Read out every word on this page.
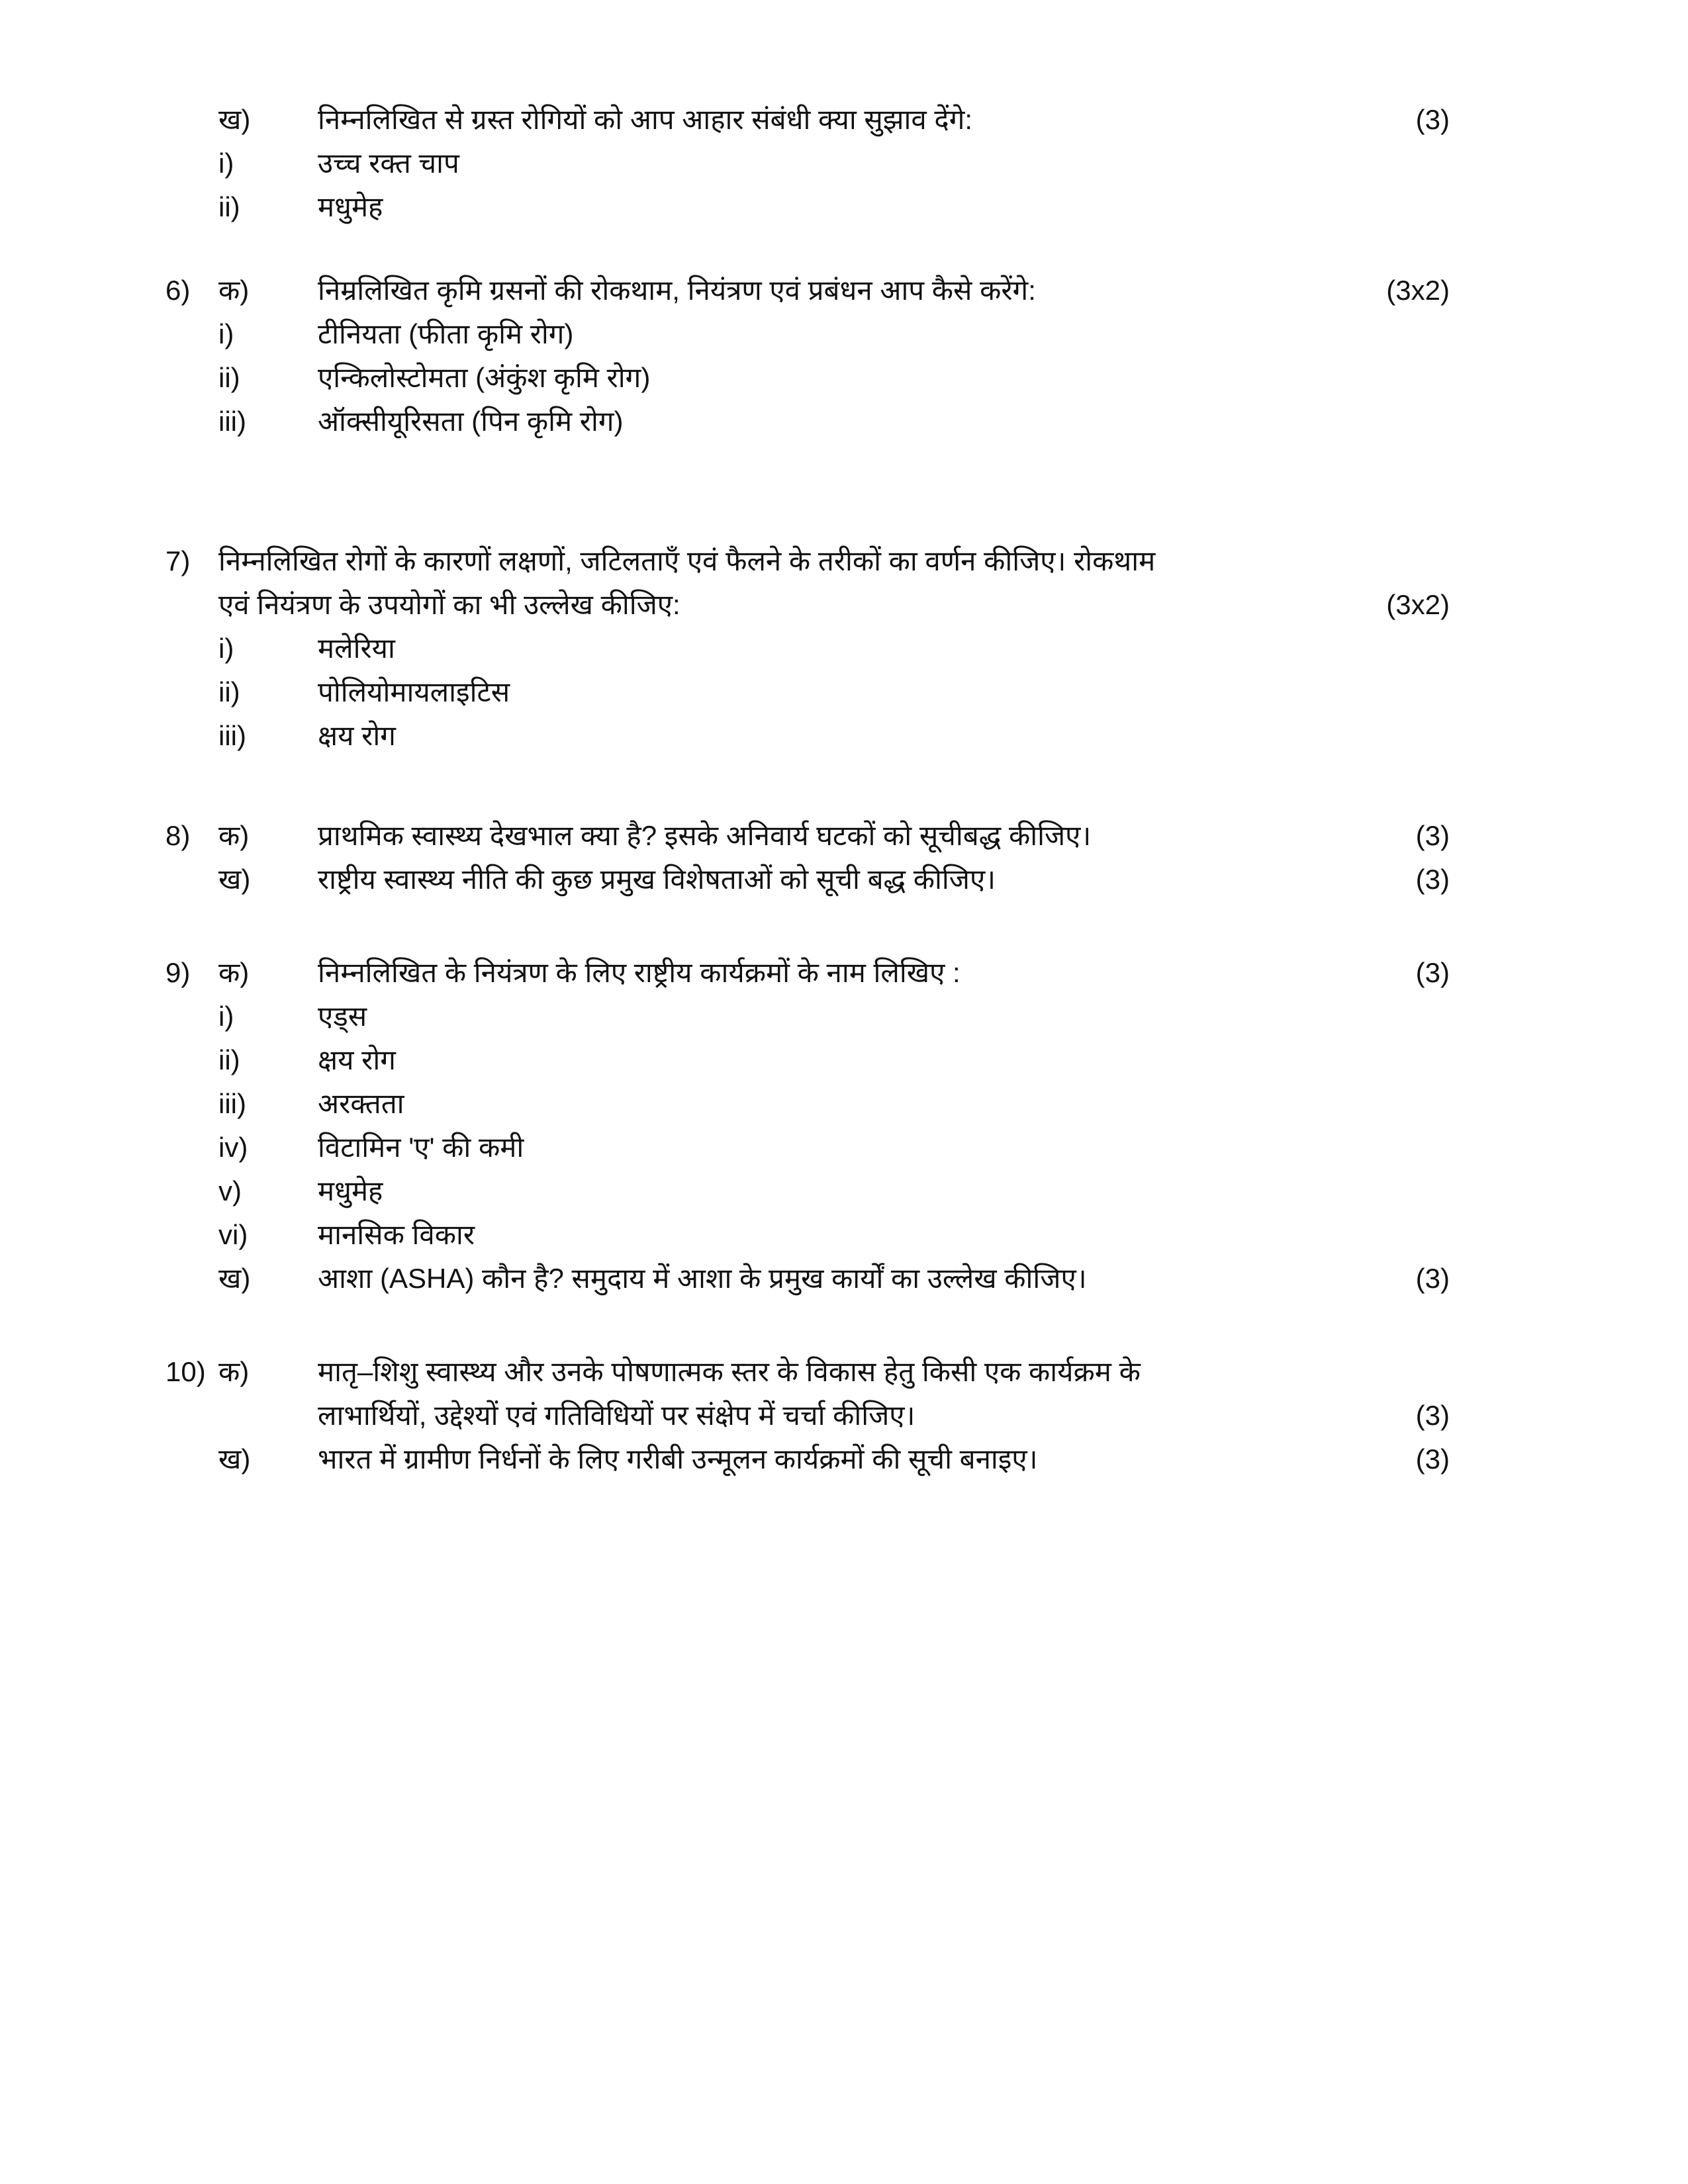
ख)	निम्नलिखित से ग्रस्त रोगियों को आप आहार संबंधी क्या सुझाव देंगे:	(3)
i)	उच्च रक्त चाप
ii)	मधुमेह
6)	क)	निम्रलिखित कृमि ग्रसनों की रोकथाम, नियंत्रण एवं प्रबंधन आप कैसे करेंगे:	(3x2)
i)	टीनियता (फीता कृमि रोग)
ii)	एन्किलोस्टोमता (अंकुंश कृमि रोग)
iii)	ऑक्सीयूरिसता (पिन कृमि रोग)
7)	निम्नलिखित रोगों के कारणों लक्षणों, जटिलताएँ एवं फैलने के तरीकों का वर्णन कीजिए। रोकथाम
एवं नियंत्रण के उपयोगों का भी उल्लेख कीजिए:	(3x2)
i)	मलेरिया
ii)	पोलियोमायलाइटिस
iii)	क्षय रोग
8)	क)	प्राथमिक स्वास्थ्य देखभाल क्या है? इसके अनिवार्य घटकों को सूचीबद्ध कीजिए।	(3)
ख)	राष्ट्रीय स्वास्थ्य नीति की कुछ प्रमुख विशेषताओं को सूची बद्ध कीजिए।	(3)
9)	क)	निम्नलिखित के नियंत्रण के लिए राष्ट्रीय कार्यक्रमों के नाम लिखिए :	(3)
i)	एड्स
ii)	क्षय रोग
iii)	अरक्तता
iv)	विटामिन 'ए' की कमी
v)	मधुमेह
vi)	मानसिक विकार
ख)	आशा (ASHA) कौन है? समुदाय में आशा के प्रमुख कार्यों का उल्लेख कीजिए।	(3)
10) क)	मातृ–शिशु स्वास्थ्य और उनके पोषणात्मक स्तर के विकास हेतु किसी एक कार्यक्रम के
लाभार्थियों, उद्देश्यों एवं गतिविधियों पर संक्षेप में चर्चा कीजिए।	(3)
ख)	भारत में ग्रामीण निर्धनों के लिए गरीबी उन्मूलन कार्यक्रमों की सूची बनाइए।	(3)
